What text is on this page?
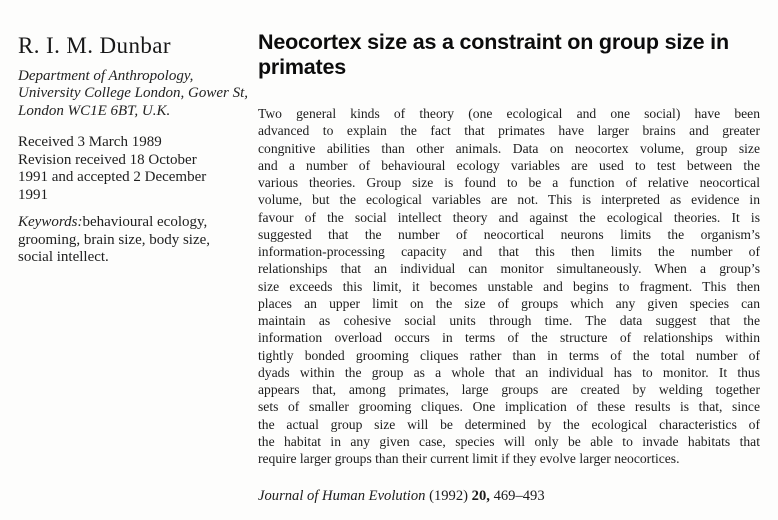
R. I. M. Dunbar

Department of Anthropology, University College London, Gower St, London WC1E 6BT, U.K.

Received 3 March 1989
Revision received 18 October 1991 and accepted 2 December 1991

Keywords:behavioural ecology, grooming, brain size, body size, social intellect.

Neocortex size as a constraint on group size in primates
Two general kinds of theory (one ecological and one social) have been
advanced to explain the fact that primates have larger brains and greater
congnitive abilities than other animals. Data on neocortex volume, group size
and a number of behavioural ecology variables are used to test between the
various theories. Group size is found to be a function of relative neocortical
volume, but the ecological variables are not. This is interpreted as evidence in
favour of the social intellect theory and against the ecological theories. It is
suggested that the number of neocortical neurons limits the organism’s
information-processing capacity and that this then limits the number of
relationships that an individual can monitor simultaneously. When a group’s
size exceeds this limit, it becomes unstable and begins to fragment. This then
places an upper limit on the size of groups which any given species can
maintain as cohesive social units through time. The data suggest that the
information overload occurs in terms of the structure of relationships within
tightly bonded grooming cliques rather than in terms of the total number of
dyads within the group as a whole that an individual has to monitor. It thus
appears that, among primates, large groups are created by welding together
sets of smaller grooming cliques. One implication of these results is that, since
the actual group size will be determined by the ecological characteristics of
the habitat in any given case, species will only be able to invade habitats that
require larger groups than their current limit if they evolve larger neocortices.

Journal of Human Evolution (1992) 20, 469–493
